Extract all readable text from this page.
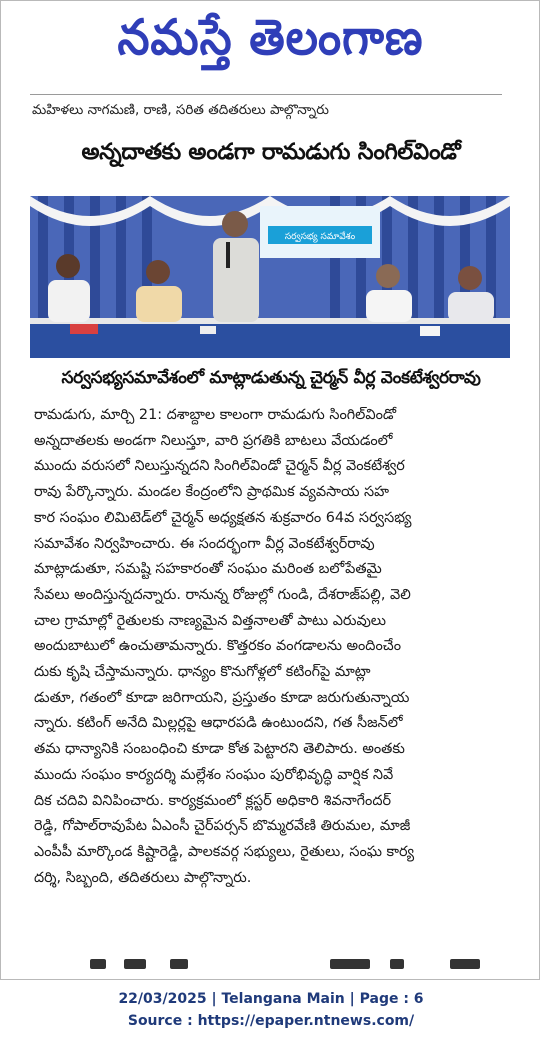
నమస్తే తెలంగాణ
మహిళలు నాగమణి, రాణి, సరిత తదితరులు పాల్గొన్నారు
అన్నదాతకు అండగా రామడుగు సింగిల్‌విండో
సర్వసభ్య సమావేశం
సర్వసభ్యసమావేశంలో మాట్లాడుతున్న చైర్మన్ వీర్ల వెంకటేశ్వరరావు
రామడుగు, మార్చి 21: దశాబ్దాల కాలంగా రామడుగు సింగిల్‌విండో
అన్నదాతలకు అండగా నిలుస్తూ, వారి ప్రగతికి బాటలు వేయడంలో
ముందు వరుసలో నిలుస్తున్నదని సింగిల్‌విండో చైర్మన్ వీర్ల వెంకటేశ్వర
రావు పేర్కొన్నారు. మండల కేంద్రంలోని ప్రాథమిక వ్యవసాయ సహ
కార సంఘం లిమిటెడ్‌లో చైర్మన్ అధ్యక్షతన శుక్రవారం 64వ సర్వసభ్య
సమావేశం నిర్వహించారు. ఈ సందర్భంగా వీర్ల వెంకటేశ్వర్‌రావు
మాట్లాడుతూ, సమష్టి సహకారంతో సంఘం మరింత బలోపేతమై
సేవలు అందిస్తున్నదన్నారు. రానున్న రోజుల్లో గుండి, దేశరాజ్‌పల్లి, వెలి
చాల గ్రామాల్లో రైతులకు నాణ్యమైన విత్తనాలతో పాటు ఎరువులు
అందుబాటులో ఉంచుతామన్నారు. కొత్తరకం వంగడాలను అందించేం
దుకు కృషి చేస్తామన్నారు. ధాన్యం కొనుగోళ్లలో కటింగ్‌పై మాట్లా
డుతూ, గతంలో కూడా జరిగాయని, ప్రస్తుతం కూడా జరుగుతున్నాయ
న్నారు. కటింగ్ అనేది మిల్లర్లపై ఆధారపడి ఉంటుందని, గత సీజన్‌లో
తమ ధాన్యానికి సంబంధించి కూడా కోత పెట్టారని తెలిపారు. అంతకు
ముందు సంఘం కార్యదర్శి మల్లేశం సంఘం పురోభివృద్ధి వార్షిక నివే
దిక చదివి వినిపించారు. కార్యక్రమంలో క్లస్టర్ అధికారి శివనాగేందర్
రెడ్డి, గోపాల్‌రావుపేట ఏఎంసీ చైర్‌పర్సన్ బొమ్మరవేణి తిరుమల, మాజీ
ఎంపీపీ మార్కొండ కిష్టారెడ్డి, పాలకవర్గ సభ్యులు, రైతులు, సంఘ కార్య
దర్శి, సిబ్బంది, తదితరులు పాల్గొన్నారు.
22/03/2025 | Telangana Main | Page : 6
Source : https://epaper.ntnews.com/
